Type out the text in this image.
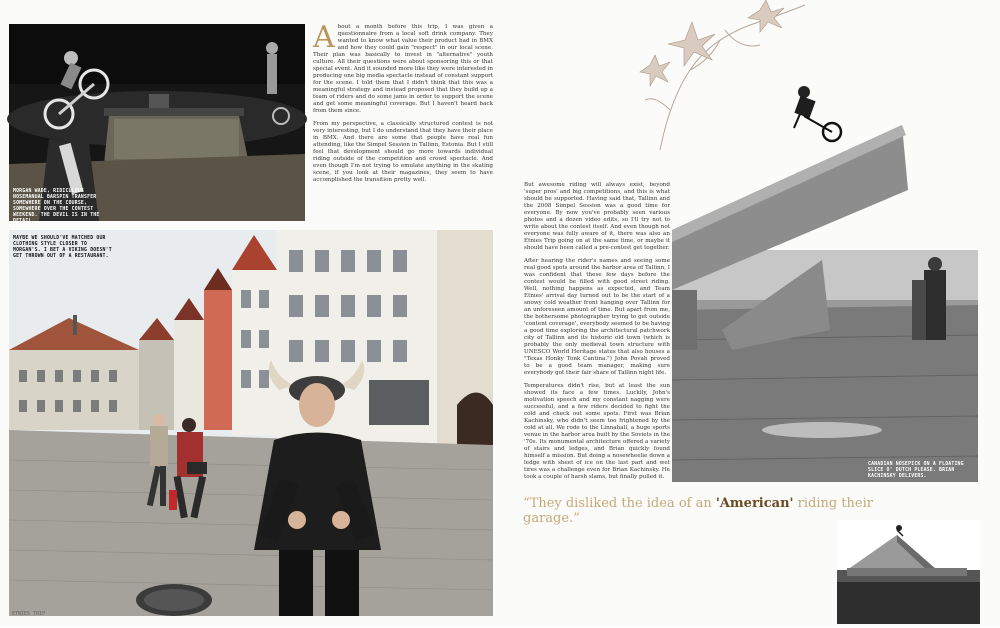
MORGAN WADE, RIDICULOUS NOSEMANUAL BARSPIN TRANSFER SOMEWHERE ON THE COURSE, SOMEWHERE OVER THE CONTEST WEEKEND. THE DEVIL IS IN THE DETAIL.
A bout a month before this trip, I was given a questionnaire from a local soft drink company. They wanted to know what value their product had in BMX and how they could gain "respect" in our local scene. Their plan was basically to invest in "alternative" youth culture. All their questions were about sponsoring this or that special event. And it sounded more like they were interested in producing one big media spectacle instead of constant support for the scene. I told them that I didn't think that this was a meaningful strategy and instead proposed that they build up a team of riders and do some jams in order to support the scene and get some meaningful coverage. But I haven't heard back from them since.

From my perspective, a classically structured contest is not very interesting, but I do understand that they have their place in BMX. And there are some that people have real fun attending, like the Simpel Session in Tallinn, Estonia. But I still feel that development should go more towards individual riding outside of the competition and crowd spectacle. And even though I'm not trying to emulate anything in the skating scene, if you look at their magazines, they seem to have accomplished the transition pretty well.

MAYBE WE SHOULD'VE MATCHED OUR CLOTHING STYLE CLOSER TO MORGAN'S. I BET A VIKING DOESN'T GET THROWN OUT OF A RESTAURANT.
ETNIES TRIP
CANADIAN NOSEPICK ON A FLOATING SLICE O' DUTCH PLEASE. BRIAN KACHINSKY DELIVERS.

But awesome riding will always exist, beyond 'super pros' and big competitions, and this is what should be supported. Having said that, Tallinn and the 2008 Simpel Session was a good time for everyone. By now you've probably seen various photos and a dozen video edits, so I'll try not to write about the contest itself. And even though not everyone was fully aware of it, there was also an Etnies Trip going on at the same time, or maybe it should have been called a pre-contest get together.

After hearing the rider's names and seeing some real good spots around the harbor area of Tallinn, I was confident that these few days before the contest would be filled with good street riding. Well, nothing happens as expected, and Team Etnies' arrival day turned out to be the start of a snowy cold weather front hanging over Tallinn for an unforeseen amount of time. But apart from me, the bothersome photographer trying to get outside 'content coverage', everybody seemed to be having a good time exploring the architectural patchwork city of Tallinn and its historic old town (which is probably the only medieval town structure with UNESCO World Heritage status that also houses a "Texas Honky Tonk Cantina.") John Povah proved to be a good team manager, making sure everybody got their fair share of Tallinn night life.

Temperatures didn't rise, but at least the sun showed its face a few times. Luckily, John's motivation speech and my constant nagging were successful, and a few riders decided to fight the cold and check out some spots. First was Brian Kachinsky, who didn't seem too frightened by the cold at all. We rode to the Linnahall, a huge sports venue in the harbor area built by the Soviets in the '70s. Its monumental architecture offered a variety of stairs and ledges, and Brian quickly found himself a mission. But doing a nosewheelie down a ledge with sheet of ice on the last part and wet tires was a challenge even for Brian Kachinsky. He took a couple of harsh slams, but finally pulled it.

“They disliked the idea of an 'American' riding their garage.”
